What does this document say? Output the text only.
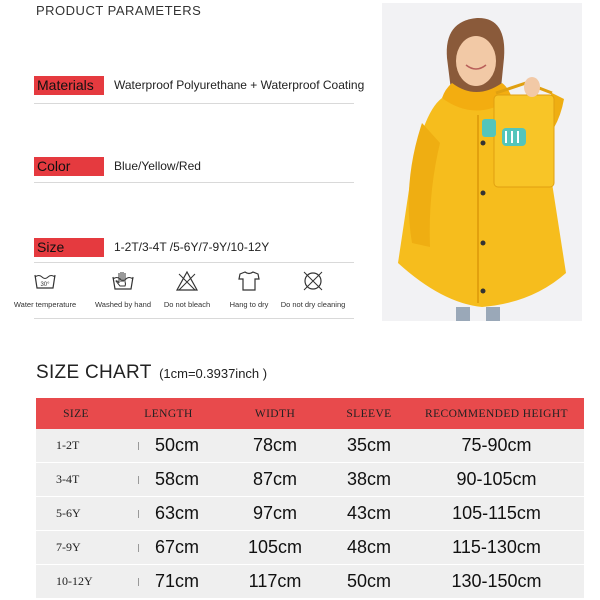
PRODUCT PARAMETERS
Materials	Waterproof Polyurethane + Waterproof Coating
Color	Blue/Yellow/Red
Size	1-2T/3-4T /5-6Y/7-9Y/10-12Y
30°
Water temperature	Washed by hand	Do not bleach	Hang to dry	Do not dry cleaning
SIZE CHART (1cm=0.3937inch )
SIZE	LENGTH	WIDTH	SLEEVE	RECOMMENDED HEIGHT
1-2T	50cm	78cm	35cm	75-90cm
3-4T	58cm	87cm	38cm	90-105cm
5-6Y	63cm	97cm	43cm	105-115cm
7-9Y	67cm	105cm	48cm	115-130cm
10-12Y	71cm	117cm	50cm	130-150cm
